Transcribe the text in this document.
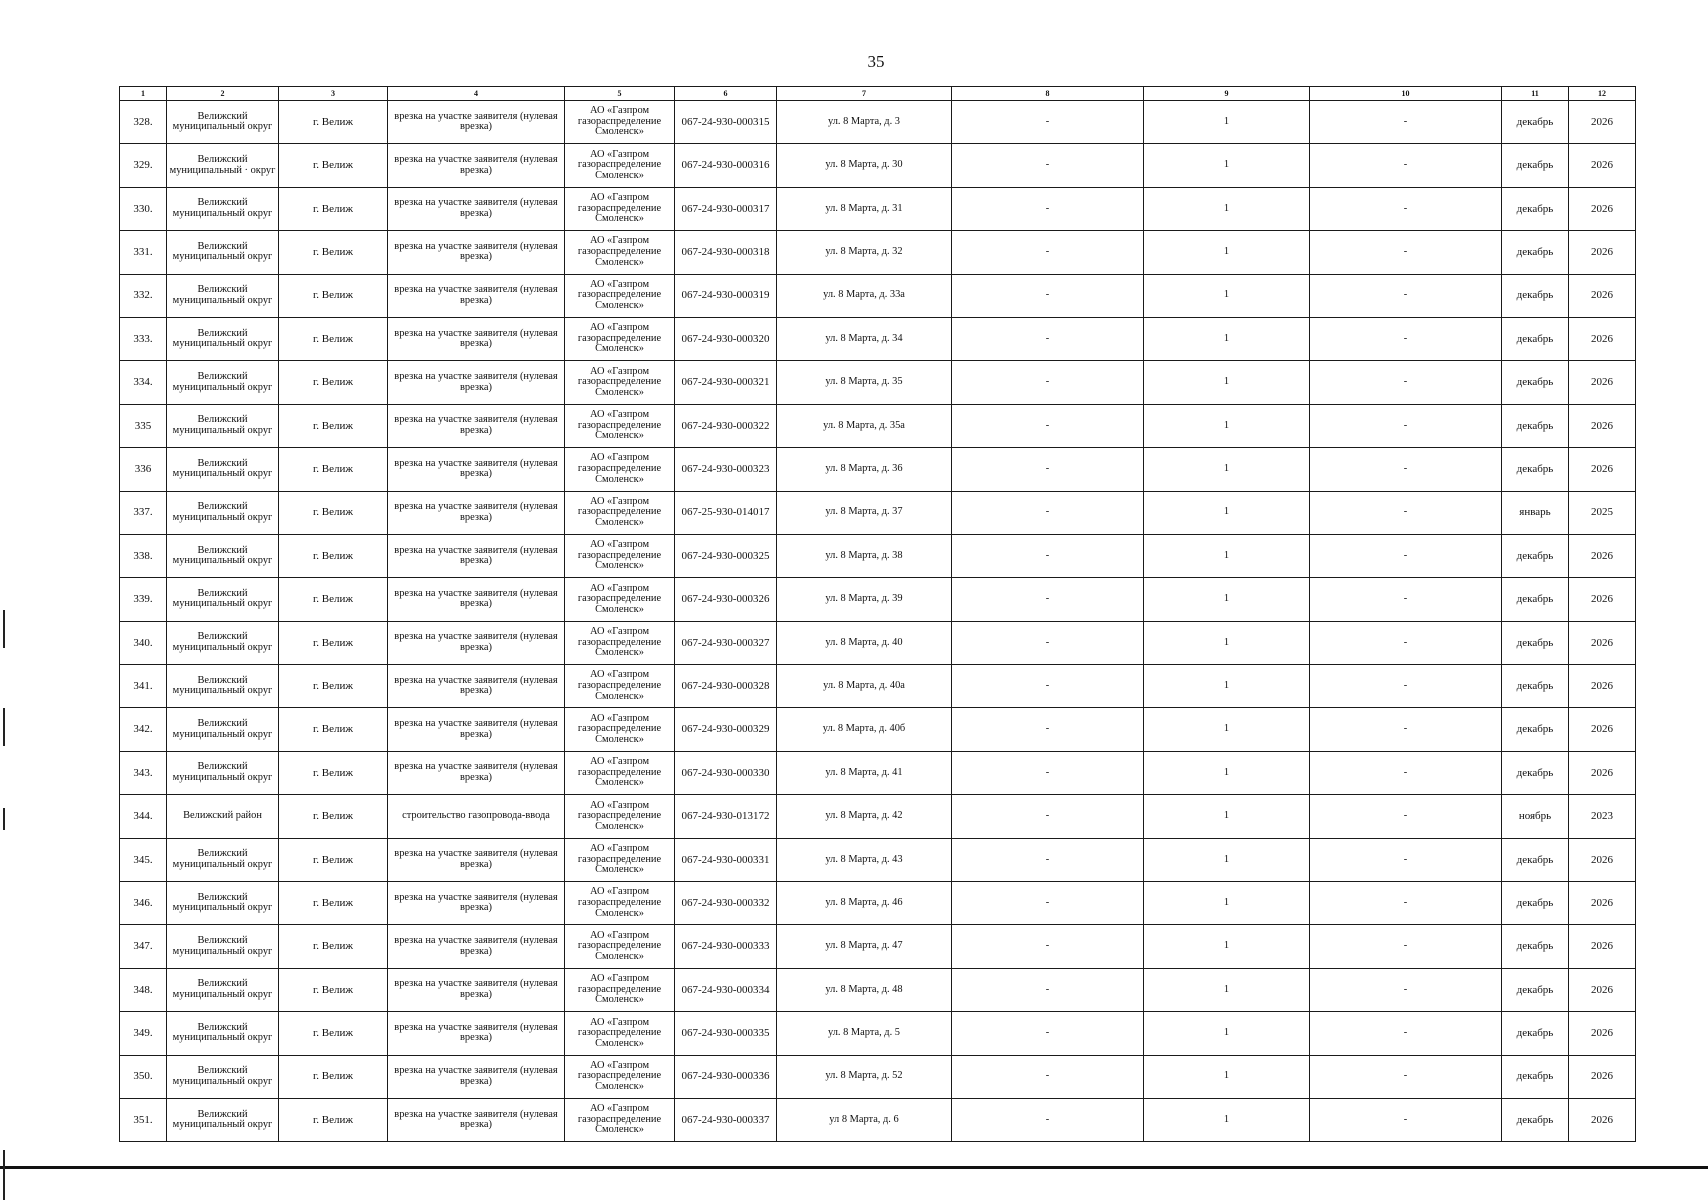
35
1	2	3	4	5	6	7	8	9	10	11	12
328.	Велижский муниципальный округ	г. Велиж	врезка на участке заявителя (нулевая врезка)	АО «Газпром газораспределение Смоленск»	067-24-930-000315	ул. 8 Марта, д. 3	-	1	-	декабрь	2026
329.	Велижский муниципальный · округ	г. Велиж	врезка на участке заявителя (нулевая врезка)	АО «Газпром газораспределение Смоленск»	067-24-930-000316	ул. 8 Марта, д. 30	-	1	-	декабрь	2026
330.	Велижский муниципальный округ	г. Велиж	врезка на участке заявителя (нулевая врезка)	АО «Газпром газораспределение Смоленск»	067-24-930-000317	ул. 8 Марта, д. 31	-	1	-	декабрь	2026
331.	Велижский муниципальный округ	г. Велиж	врезка на участке заявителя (нулевая врезка)	АО «Газпром газораспределение Смоленск»	067-24-930-000318	ул. 8 Марта, д. 32	-	1	-	декабрь	2026
332.	Велижский муниципальный округ	г. Велиж	врезка на участке заявителя (нулевая врезка)	АО «Газпром газораспределение Смоленск»	067-24-930-000319	ул. 8 Марта, д. 33а	-	1	-	декабрь	2026
333.	Велижский муниципальный округ	г. Велиж	врезка на участке заявителя (нулевая врезка)	АО «Газпром газораспределение Смоленск»	067-24-930-000320	ул. 8 Марта, д. 34	-	1	-	декабрь	2026
334.	Велижский муниципальный округ	г. Велиж	врезка на участке заявителя (нулевая врезка)	АО «Газпром газораспределение Смоленск»	067-24-930-000321	ул. 8 Марта, д. 35	-	1	-	декабрь	2026
335	Велижский муниципальный округ	г. Велиж	врезка на участке заявителя (нулевая врезка)	АО «Газпром газораспределение Смоленск»	067-24-930-000322	ул. 8 Марта, д. 35а	-	1	-	декабрь	2026
336	Велижский муниципальный округ	г. Велиж	врезка на участке заявителя (нулевая врезка)	АО «Газпром газораспределение Смоленск»	067-24-930-000323	ул. 8 Марта, д. 36	-	1	-	декабрь	2026
337.	Велижский муниципальный округ	г. Велиж	врезка на участке заявителя (нулевая врезка)	АО «Газпром газораспределение Смоленск»	067-25-930-014017	ул. 8 Марта, д. 37	-	1	-	январь	2025
338.	Велижский муниципальный округ	г. Велиж	врезка на участке заявителя (нулевая врезка)	АО «Газпром газораспределение Смоленск»	067-24-930-000325	ул. 8 Марта, д. 38	-	1	-	декабрь	2026
339.	Велижский муниципальный округ	г. Велиж	врезка на участке заявителя (нулевая врезка)	АО «Газпром газораспределение Смоленск»	067-24-930-000326	ул. 8 Марта, д. 39	-	1	-	декабрь	2026
340.	Велижский муниципальный округ	г. Велиж	врезка на участке заявителя (нулевая врезка)	АО «Газпром газораспределение Смоленск»	067-24-930-000327	ул. 8 Марта, д. 40	-	1	-	декабрь	2026
341.	Велижский муниципальный округ	г. Велиж	врезка на участке заявителя (нулевая врезка)	АО «Газпром газораспределение Смоленск»	067-24-930-000328	ул. 8 Марта, д. 40а	-	1	-	декабрь	2026
342.	Велижский муниципальный округ	г. Велиж	врезка на участке заявителя (нулевая врезка)	АО «Газпром газораспределение Смоленск»	067-24-930-000329	ул. 8 Марта, д. 40б	-	1	-	декабрь	2026
343.	Велижский муниципальный округ	г. Велиж	врезка на участке заявителя (нулевая врезка)	АО «Газпром газораспределение Смоленск»	067-24-930-000330	ул. 8 Марта, д. 41	-	1	-	декабрь	2026
344.	Велижский район	г. Велиж	строительство газопровода-ввода	АО «Газпром газораспределение Смоленск»	067-24-930-013172	ул. 8 Марта, д. 42	-	1	-	ноябрь	2023
345.	Велижский муниципальный округ	г. Велиж	врезка на участке заявителя (нулевая врезка)	АО «Газпром газораспределение Смоленск»	067-24-930-000331	ул. 8 Марта, д. 43	-	1	-	декабрь	2026
346.	Велижский муниципальный округ	г. Велиж	врезка на участке заявителя (нулевая врезка)	АО «Газпром газораспределение Смоленск»	067-24-930-000332	ул. 8 Марта, д. 46	-	1	-	декабрь	2026
347.	Велижский муниципальный округ	г. Велиж	врезка на участке заявителя (нулевая врезка)	АО «Газпром газораспределение Смоленск»	067-24-930-000333	ул. 8 Марта, д. 47	-	1	-	декабрь	2026
348.	Велижский муниципальный округ	г. Велиж	врезка на участке заявителя (нулевая врезка)	АО «Газпром газораспределение Смоленск»	067-24-930-000334	ул. 8 Марта, д. 48	-	1	-	декабрь	2026
349.	Велижский муниципальный округ	г. Велиж	врезка на участке заявителя (нулевая врезка)	АО «Газпром газораспределение Смоленск»	067-24-930-000335	ул. 8 Марта, д. 5	-	1	-	декабрь	2026
350.	Велижский муниципальный округ	г. Велиж	врезка на участке заявителя (нулевая врезка)	АО «Газпром газораспределение Смоленск»	067-24-930-000336	ул. 8 Марта, д. 52	-	1	-	декабрь	2026
351.	Велижский муниципальный округ	г. Велиж	врезка на участке заявителя (нулевая врезка)	АО «Газпром газораспределение Смоленск»	067-24-930-000337	ул 8 Марта, д. 6	-	1	-	декабрь	2026
